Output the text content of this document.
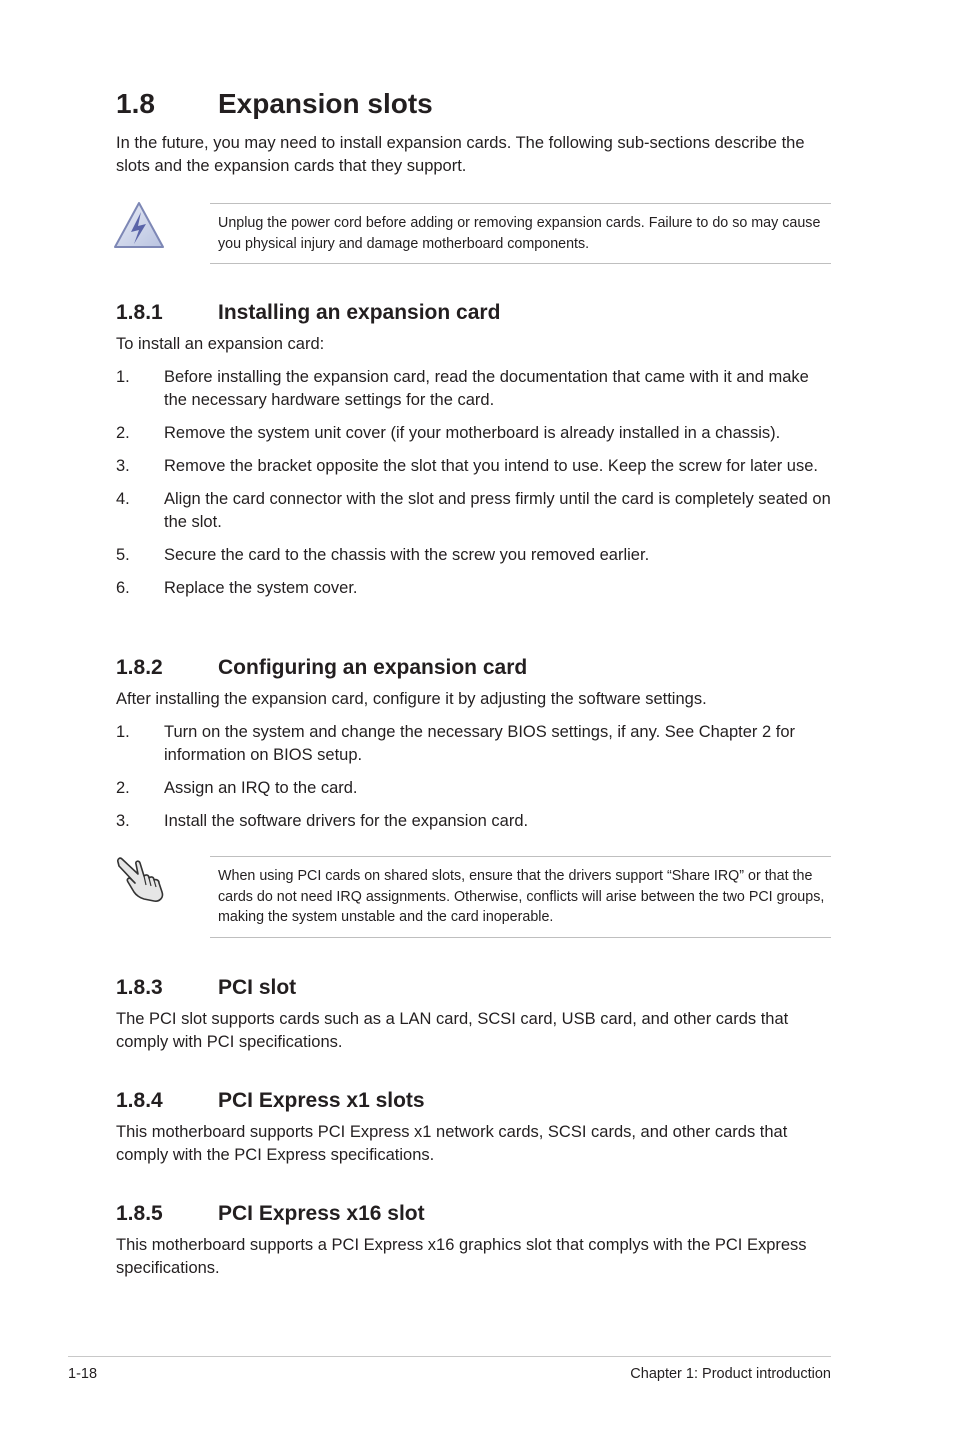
1.8 Expansion slots

In the future, you may need to install expansion cards. The following sub-sections describe the slots and the expansion cards that they support.

Unplug the power cord before adding or removing expansion cards. Failure to do so may cause you physical injury and damage motherboard components.

1.8.1	Installing an expansion card

To install an expansion card:

1. Before installing the expansion card, read the documentation that came with it and make the necessary hardware settings for the card.
2. Remove the system unit cover (if your motherboard is already installed in a chassis).
3. Remove the bracket opposite the slot that you intend to use. Keep the screw for later use.
4. Align the card connector with the slot and press firmly until the card is completely seated on the slot.
5. Secure the card to the chassis with the screw you removed earlier.
6. Replace the system cover.
1.8.2	Configuring an expansion card

After installing the expansion card, configure it by adjusting the software settings.

1. Turn on the system and change the necessary BIOS settings, if any. See Chapter 2 for information on BIOS setup.
2. Assign an IRQ to the card.
3. Install the software drivers for the expansion card.

When using PCI cards on shared slots, ensure that the drivers support “Share IRQ” or that the cards do not need IRQ assignments. Otherwise, conflicts will arise between the two PCI groups, making the system unstable and the card inoperable.

1.8.3	PCI slot

The PCI slot supports cards such as a LAN card, SCSI card, USB card, and other cards that comply with PCI specifications.

1.8.4	PCI Express x1 slots

This motherboard supports PCI Express x1 network cards, SCSI cards, and other cards that comply with the PCI Express specifications.

1.8.5	PCI Express x16 slot

This motherboard supports a PCI Express x16 graphics slot that complys with the PCI Express specifications.

1-18	Chapter 1: Product introduction
